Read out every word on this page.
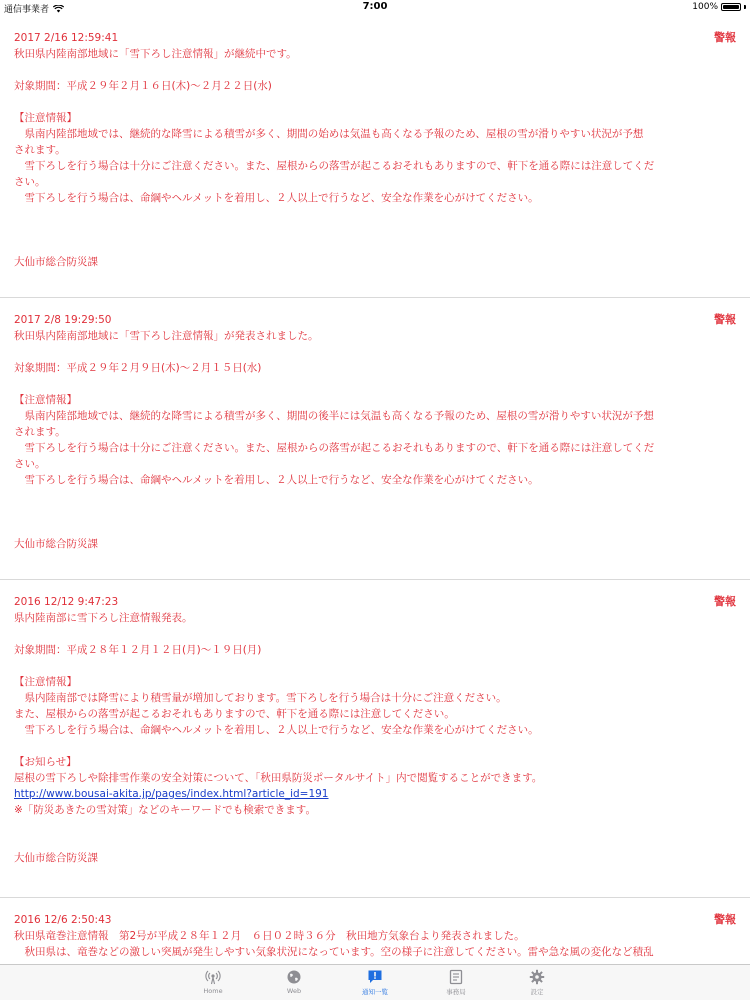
通信事業者	7:00	100%
2017 2/16 12:59:41	警報

秋田県内陸南部地域に「雪下ろし注意情報」が継続中です。

対象期間：平成２９年２月１６日(木)～２月２２日(水)

【注意情報】

　県南内陸部地域では、継続的な降雪による積雪が多く、期間の始めは気温も高くなる予報のため、屋根の雪が滑りやすい状況が予想

されます。

　雪下ろしを行う場合は十分にご注意ください。また、屋根からの落雪が起こるおそれもありますので、軒下を通る際には注意してくだ

さい。

　雪下ろしを行う場合は、命綱やヘルメットを着用し、２人以上で行うなど、安全な作業を心がけてください。

大仙市総合防災課

2017 2/8 19:29:50	警報

秋田県内陸南部地域に「雪下ろし注意情報」が発表されました。

対象期間：平成２９年２月９日(木)～２月１５日(水)

【注意情報】

　県南内陸部地域では、継続的な降雪による積雪が多く、期間の後半には気温も高くなる予報のため、屋根の雪が滑りやすい状況が予想

されます。

　雪下ろしを行う場合は十分にご注意ください。また、屋根からの落雪が起こるおそれもありますので、軒下を通る際には注意してくだ

さい。

　雪下ろしを行う場合は、命綱やヘルメットを着用し、２人以上で行うなど、安全な作業を心がけてください。

大仙市総合防災課

2016 12/12 9:47:23	警報

県内陸南部に雪下ろし注意情報発表。

対象期間：平成２８年１２月１２日(月)～１９日(月)

【注意情報】

　県内陸南部では降雪により積雪量が増加しております。雪下ろしを行う場合は十分にご注意ください。

また、屋根からの落雪が起こるおそれもありますので、軒下を通る際には注意してください。

　雪下ろしを行う場合は、命綱やヘルメットを着用し、２人以上で行うなど、安全な作業を心がけてください。

【お知らせ】

屋根の雪下ろしや除排雪作業の安全対策について、「秋田県防災ポータルサイト」内で閲覧することができます。

http://www.bousai-akita.jp/pages/index.html?article_id=191

※「防災あきたの雪対策」などのキーワードでも検索できます。

大仙市総合防災課

2016 12/6 2:50:43	警報

秋田県竜巻注意情報　第2号が平成２８年１２月　６日０２時３６分　秋田地方気象台より発表されました。

　秋田県は、竜巻などの激しい突風が発生しやすい気象状況になっています。空の様子に注意してください。雷や急な風の変化など積乱

Home	Web	通知一覧	事務局	設定
